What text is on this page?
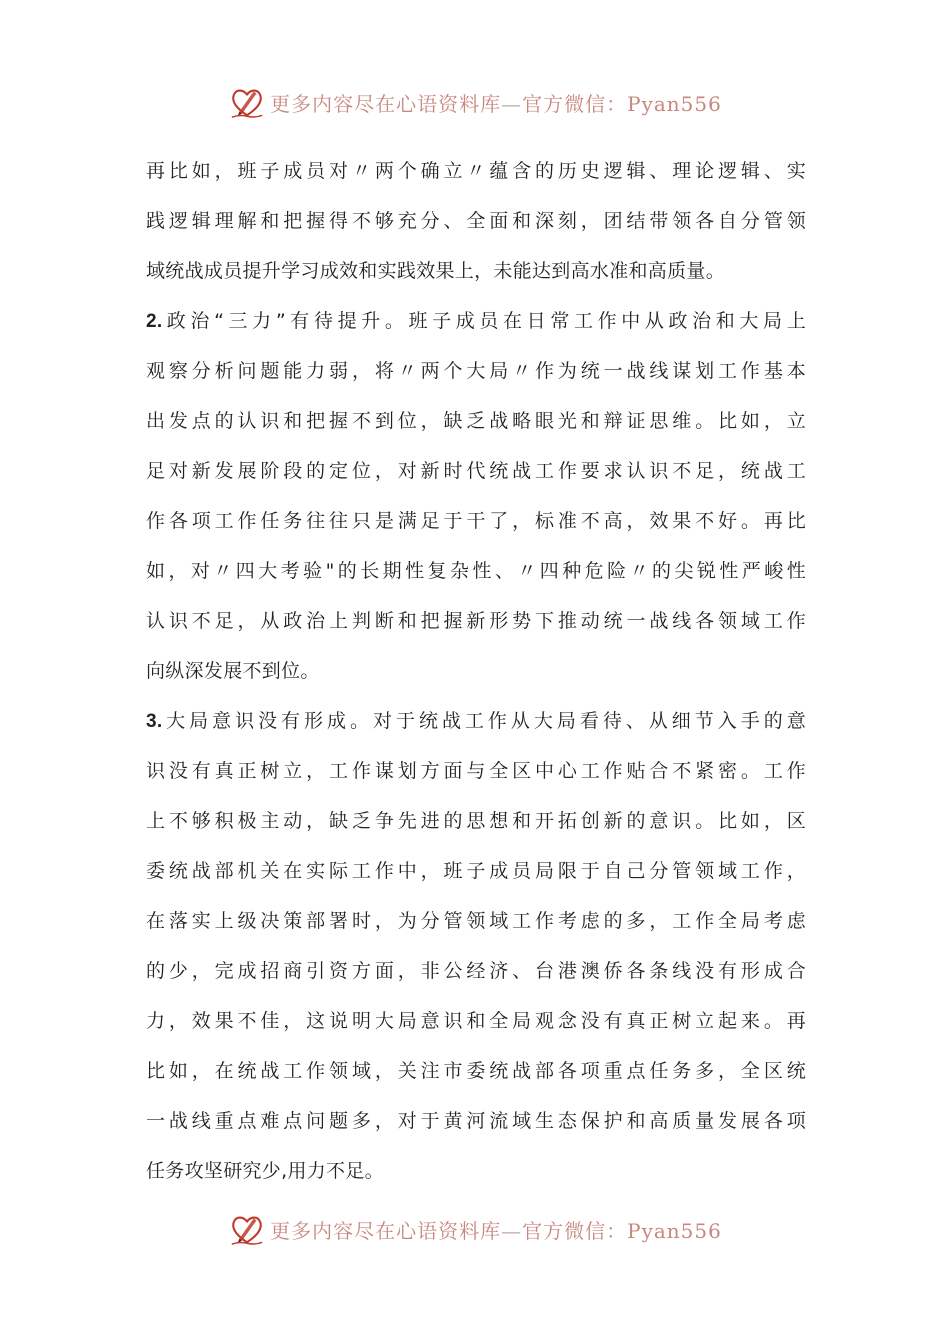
更多内容尽在心语资料库—官方微信：Pyan556
再比如，班子成员对〃两个确立〃蕴含的历史逻辑、理论逻辑、实
践逻辑理解和把握得不够充分、全面和深刻，团结带领各自分管领
域统战成员提升学习成效和实践效果上，未能达到高水准和高质量。
2.政治“三力”有待提升。班子成员在日常工作中从政治和大局上
观察分析问题能力弱，将〃两个大局〃作为统一战线谋划工作基本
出发点的认识和把握不到位，缺乏战略眼光和辩证思维。比如，立
足对新发展阶段的定位，对新时代统战工作要求认识不足，统战工
作各项工作任务往往只是满足于干了，标准不高，效果不好。再比
如，对〃四大考验"的长期性复杂性、〃四种危险〃的尖锐性严峻性
认识不足，从政治上判断和把握新形势下推动统一战线各领域工作
向纵深发展不到位。
3.大局意识没有形成。对于统战工作从大局看待、从细节入手的意
识没有真正树立，工作谋划方面与全区中心工作贴合不紧密。工作
上不够积极主动，缺乏争先进的思想和开拓创新的意识。比如，区
委统战部机关在实际工作中，班子成员局限于自己分管领域工作，
在落实上级决策部署时，为分管领域工作考虑的多，工作全局考虑
的少，完成招商引资方面，非公经济、台港澳侨各条线没有形成合
力，效果不佳，这说明大局意识和全局观念没有真正树立起来。再
比如，在统战工作领域，关注市委统战部各项重点任务多，全区统
一战线重点难点问题多，对于黄河流域生态保护和高质量发展各项
任务攻坚研究少,用力不足。
更多内容尽在心语资料库—官方微信：Pyan556
